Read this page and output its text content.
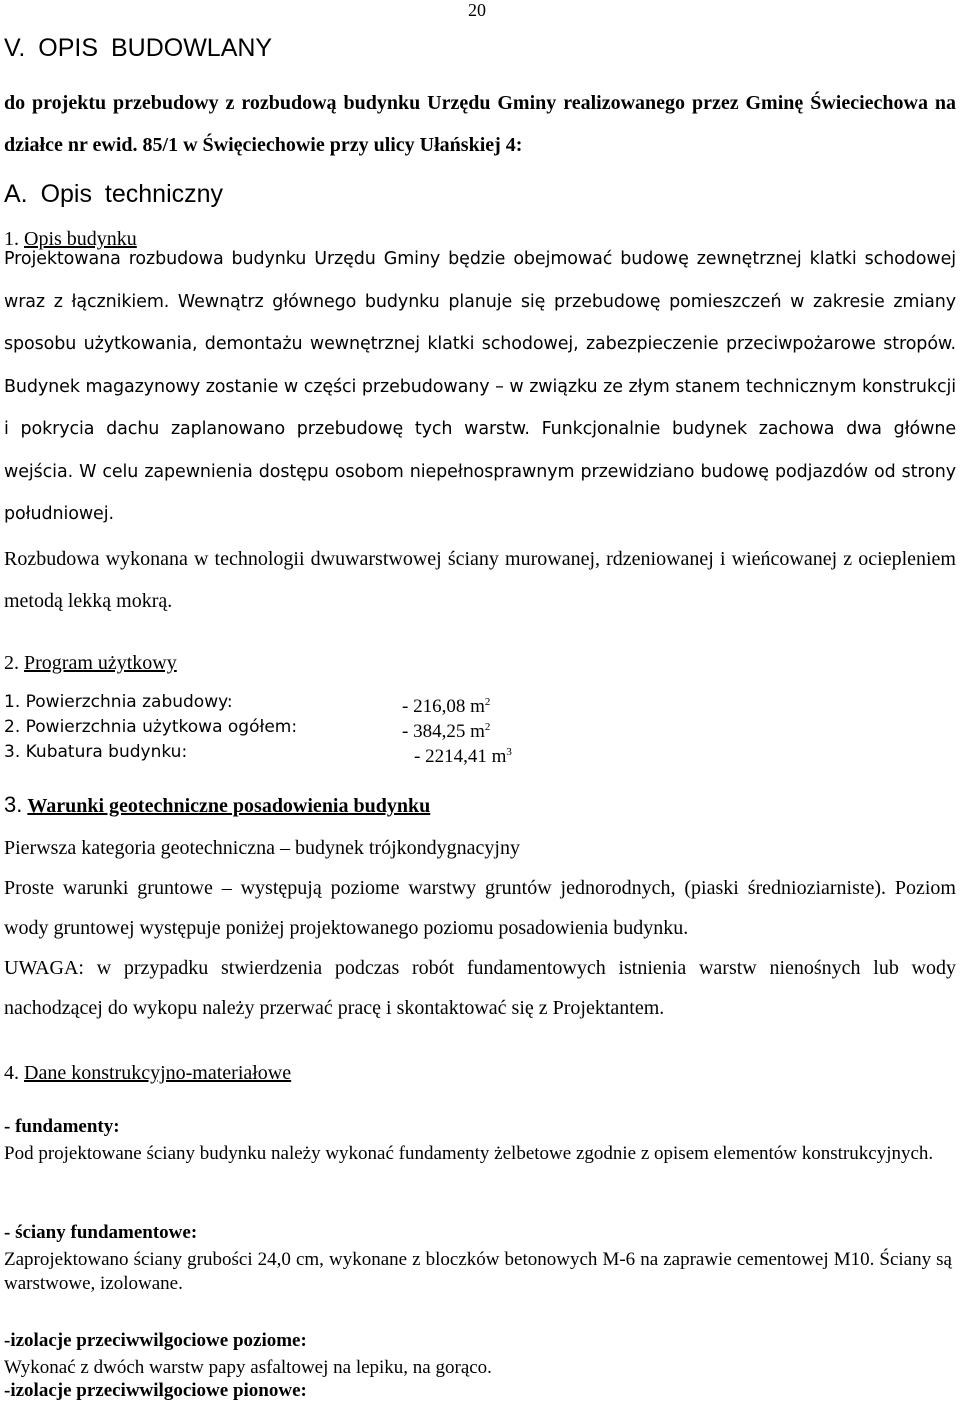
20
V. OPIS BUDOWLANY
do projektu przebudowy z rozbudową budynku Urzędu Gminy realizowanego przez Gminę Świeciechowa na działce nr ewid. 85/1 w Święciechowie przy ulicy Ułańskiej 4:
A. Opis techniczny
1. Opis budynku
Projektowana rozbudowa budynku Urzędu Gminy będzie obejmować budowę zewnętrznej klatki schodowej wraz z łącznikiem. Wewnątrz głównego budynku planuje się przebudowę pomieszczeń w zakresie zmiany sposobu użytkowania, demontażu wewnętrznej klatki schodowej, zabezpieczenie przeciwpożarowe stropów. Budynek magazynowy zostanie w części przebudowany – w związku ze złym stanem technicznym konstrukcji i pokrycia dachu zaplanowano przebudowę tych warstw. Funkcjonalnie budynek zachowa dwa główne wejścia. W celu zapewnienia dostępu osobom niepełnosprawnym przewidziano budowę podjazdów od strony południowej.
Rozbudowa wykonana w technologii dwuwarstwowej ściany murowanej, rdzeniowanej i wieńcowanej z ociepleniem metodą lekką mokrą.
2. Program użytkowy
1. Powierzchnia zabudowy:	- 216,08 $m^2$
2. Powierzchnia użytkowa ogółem:	- 384,25 $m^2$
3. Kubatura budynku:	- 2214,41 $m^3$
3. Warunki geotechniczne posadowienia budynku
Pierwsza kategoria geotechniczna – budynek trójkondygnacyjny
Proste warunki gruntowe – występują poziome warstwy gruntów jednorodnych, (piaski średnioziarniste). Poziom wody gruntowej występuje poniżej projektowanego poziomu posadowienia budynku.
UWAGA: w przypadku stwierdzenia podczas robót fundamentowych istnienia warstw nienośnych lub wody nachodzącej do wykopu należy przerwać pracę i skontaktować się z Projektantem.
4. Dane konstrukcyjno-materiałowe
- fundamenty:
Pod projektowane ściany budynku należy wykonać fundamenty żelbetowe zgodnie z opisem elementów konstrukcyjnych.
- ściany fundamentowe:
Zaprojektowano ściany grubości 24,0 cm, wykonane z bloczków betonowych M-6 na zaprawie cementowej M10. Ściany są warstwowe, izolowane.
-izolacje przeciwwilgociowe poziome:
Wykonać z dwóch warstw papy asfaltowej na lepiku, na gorąco.
-izolacje przeciwwilgociowe pionowe:
